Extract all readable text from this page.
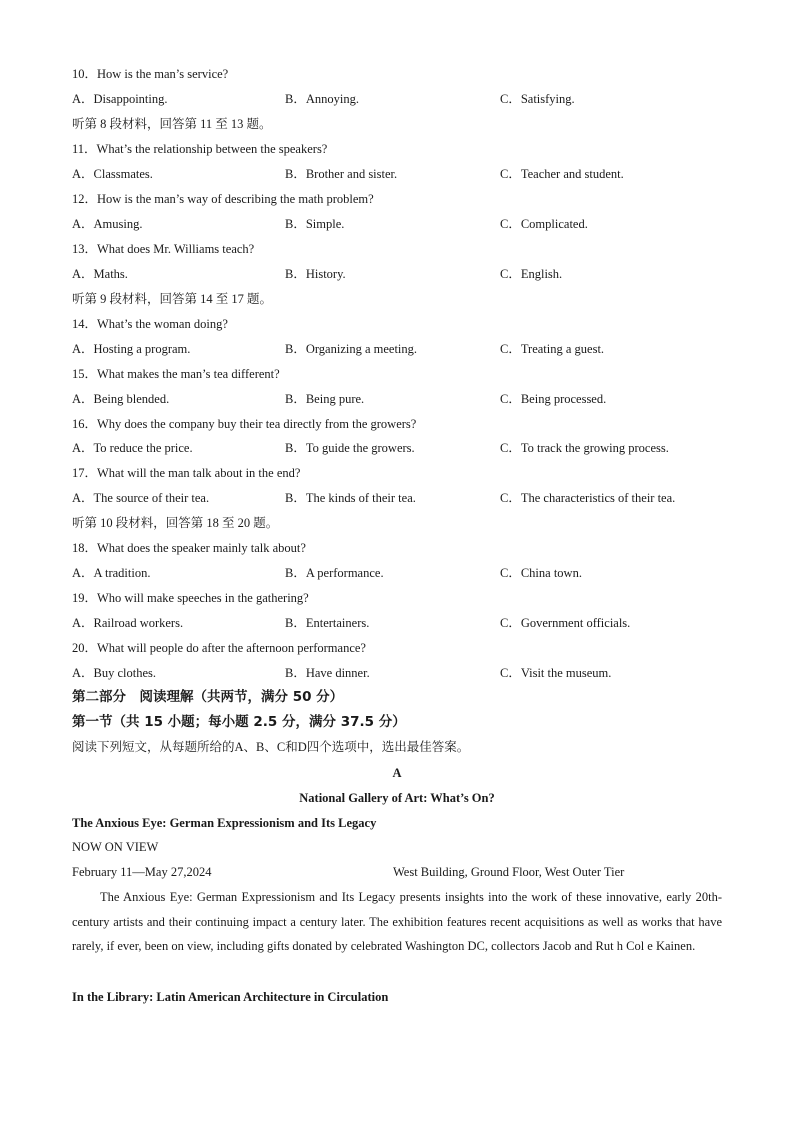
10．How is the man’s service?
A．Disappointing.	B．Annoying.	C．Satisfying.
听第 8 段材料，回答第 11 至 13 题。
11．What’s the relationship between the speakers?
A．Classmates.	B．Brother and sister.	C．Teacher and student.
12．How is the man’s way of describing the math problem?
A．Amusing.	B．Simple.	C．Complicated.
13．What does Mr. Williams teach?
A．Maths.	B．History.	C．English.
听第 9 段材料，回答第 14 至 17 题。
14．What’s the woman doing?
A．Hosting a program.	B．Organizing a meeting.	C．Treating a guest.
15．What makes the man’s tea different?
A．Being blended.	B．Being pure.	C．Being processed.
16．Why does the company buy their tea directly from the growers?
A．To reduce the price.	B．To guide the growers.	C．To track the growing process.
17．What will the man talk about in the end?
A．The source of their tea.	B．The kinds of their tea.	C．The characteristics of their tea.
听第 10 段材料，回答第 18 至 20 题。
18．What does the speaker mainly talk about?
A．A tradition.	B．A performance.	C．China town.
19．Who will make speeches in the gathering?
A．Railroad workers.	B．Entertainers.	C．Government officials.
20．What will people do after the afternoon performance?
A．Buy clothes.	B．Have dinner.	C．Visit the museum.
第二部分　阅读理解（共两节，满分 50 分）
第一节（共 15 小题；每小题 2.5 分，满分 37.5 分）
阅读下列短文，从每题所给的A、B、C和D四个选项中，选出最佳答案。
A
National Gallery of Art: What’s On?
The Anxious Eye: German Expressionism and Its Legacy
NOW ON VIEW
February 11—May 27,2024	West Building, Ground Floor, West Outer Tier
The Anxious Eye: German Expressionism and Its Legacy presents insights into the work of these innovative, early 20th-century artists and their continuing impact a century later. The exhibition features recent acquisitions as well as works that have rarely, if ever, been on view, including gifts donated by celebrated Washington DC, collectors Jacob and Rut h Col e Kainen.
In the Library: Latin American Architecture in Circulation
